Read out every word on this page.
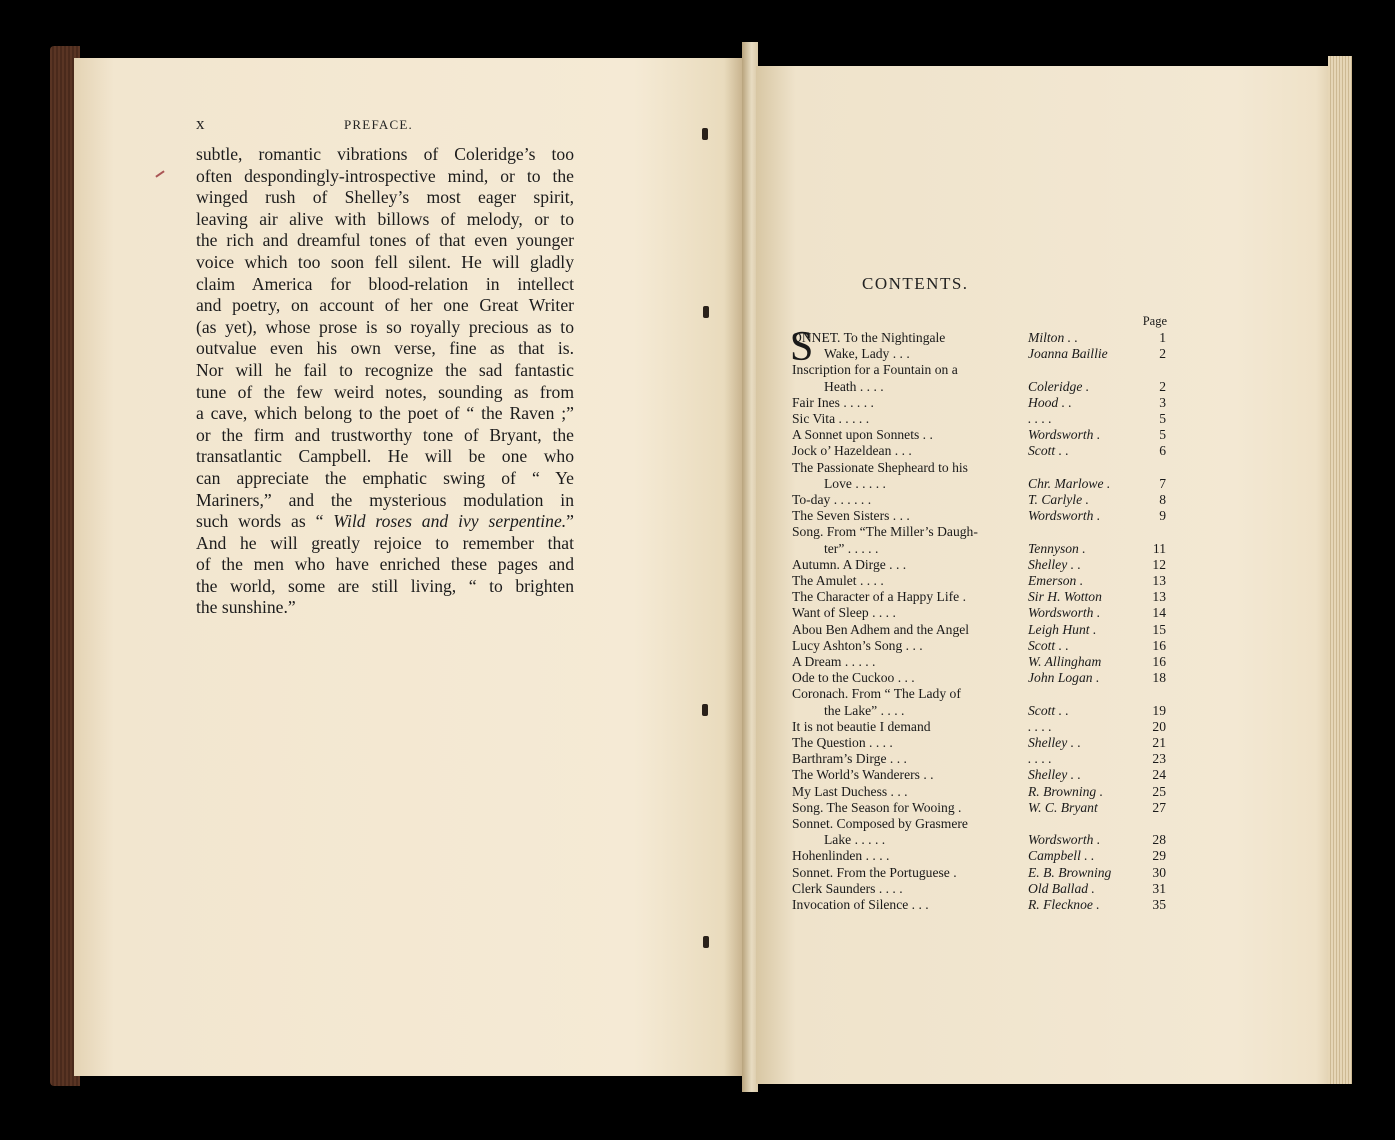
x	PREFACE.
subtle, romantic vibrations of Coleridge’s too
often despondingly-introspective mind, or to the
winged rush of Shelley’s most eager spirit,
leaving air alive with billows of melody, or to
the rich and dreamful tones of that even younger
voice which too soon fell silent. He will gladly
claim America for blood-relation in intellect
and poetry, on account of her one Great Writer
(as yet), whose prose is so royally precious as to
outvalue even his own verse, fine as that is.
Nor will he fail to recognize the sad fantastic
tune of the few weird notes, sounding as from
a cave, which belong to the poet of “ the Raven ;”
or the firm and trustworthy tone of Bryant, the
transatlantic Campbell. He will be one who
can appreciate the emphatic swing of “ Ye
Mariners,” and the mysterious modulation in
such words as “ Wild roses and ivy serpentine.”
And he will greatly rejoice to remember that
of the men who have enriched these pages and
the world, some are still living, “ to brighten
the sunshine.”
CONTENTS.
Page
ONNET. To the Nightingale	Milton . .	1
Wake, Lady . . .	Joanna Baillie	2
Inscription for a Fountain on a
Heath . . . .	Coleridge .	2
Fair Ines . . . . .	Hood . .	3
Sic Vita . . . . .	. . . .	5
A Sonnet upon Sonnets . .	Wordsworth .	5
Jock o’ Hazeldean . . .	Scott . .	6
The Passionate Shepheard to his
Love . . . . .	Chr. Marlowe .	7
To-day . . . . . .	T. Carlyle .	8
The Seven Sisters . . .	Wordsworth .	9
Song. From “The Miller’s Daugh-
ter” . . . . .	Tennyson .	11
Autumn. A Dirge . . .	Shelley . .	12
The Amulet . . . .	Emerson .	13
The Character of a Happy Life .	Sir H. Wotton	13
Want of Sleep . . . .	Wordsworth .	14
Abou Ben Adhem and the Angel	Leigh Hunt .	15
Lucy Ashton’s Song . . .	Scott . .	16
A Dream . . . . .	W. Allingham	16
Ode to the Cuckoo . . .	John Logan .	18
Coronach. From “ The Lady of
the Lake” . . . .	Scott . .	19
It is not beautie I demand	. . . .	20
The Question . . . .	Shelley . .	21
Barthram’s Dirge . . .	. . . .	23
The World’s Wanderers . .	Shelley . .	24
My Last Duchess . . .	R. Browning .	25
Song. The Season for Wooing .	W. C. Bryant	27
Sonnet. Composed by Grasmere
Lake . . . . .	Wordsworth .	28
Hohenlinden . . . .	Campbell . .	29
Sonnet. From the Portuguese .	E. B. Browning	30
Clerk Saunders . . . .	Old Ballad .	31
Invocation of Silence . . .	R. Flecknoe .	35
S
